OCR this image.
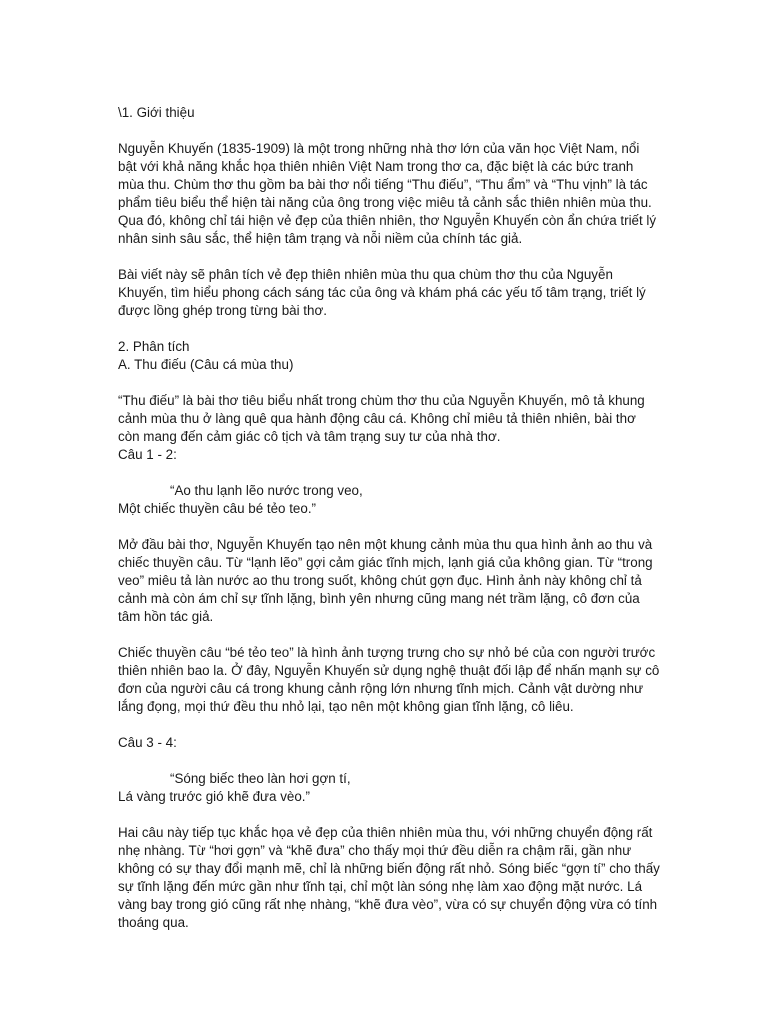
\1. Giới thiệu

Nguyễn Khuyến (1835-1909) là một trong những nhà thơ lớn của văn học Việt Nam, nổi bật với khả năng khắc họa thiên nhiên Việt Nam trong thơ ca, đặc biệt là các bức tranh mùa thu. Chùm thơ thu gồm ba bài thơ nổi tiếng “Thu điếu”, “Thu ẩm” và “Thu vịnh” là tác phẩm tiêu biểu thể hiện tài năng của ông trong việc miêu tả cảnh sắc thiên nhiên mùa thu. Qua đó, không chỉ tái hiện vẻ đẹp của thiên nhiên, thơ Nguyễn Khuyến còn ẩn chứa triết lý nhân sinh sâu sắc, thể hiện tâm trạng và nỗi niềm của chính tác giả.

Bài viết này sẽ phân tích vẻ đẹp thiên nhiên mùa thu qua chùm thơ thu của Nguyễn Khuyến, tìm hiểu phong cách sáng tác của ông và khám phá các yếu tố tâm trạng, triết lý được lồng ghép trong từng bài thơ.

2. Phân tích

A. Thu điếu (Câu cá mùa thu)

“Thu điếu” là bài thơ tiêu biểu nhất trong chùm thơ thu của Nguyễn Khuyến, mô tả khung cảnh mùa thu ở làng quê qua hành động câu cá. Không chỉ miêu tả thiên nhiên, bài thơ còn mang đến cảm giác cô tịch và tâm trạng suy tư của nhà thơ.

Câu 1 - 2:

“Ao thu lạnh lẽo nước trong veo,

Một chiếc thuyền câu bé tẻo teo.”

Mở đầu bài thơ, Nguyễn Khuyến tạo nên một khung cảnh mùa thu qua hình ảnh ao thu và chiếc thuyền câu. Từ “lạnh lẽo” gợi cảm giác tĩnh mịch, lạnh giá của không gian. Từ “trong veo” miêu tả làn nước ao thu trong suốt, không chút gợn đục. Hình ảnh này không chỉ tả cảnh mà còn ám chỉ sự tĩnh lặng, bình yên nhưng cũng mang nét trầm lặng, cô đơn của tâm hồn tác giả.

Chiếc thuyền câu “bé tẻo teo” là hình ảnh tượng trưng cho sự nhỏ bé của con người trước thiên nhiên bao la. Ở đây, Nguyễn Khuyến sử dụng nghệ thuật đối lập để nhấn mạnh sự cô đơn của người câu cá trong khung cảnh rộng lớn nhưng tĩnh mịch. Cảnh vật dường như lắng đọng, mọi thứ đều thu nhỏ lại, tạo nên một không gian tĩnh lặng, cô liêu.

Câu 3 - 4:

“Sóng biếc theo làn hơi gợn tí,

Lá vàng trước gió khẽ đưa vèo.”

Hai câu này tiếp tục khắc họa vẻ đẹp của thiên nhiên mùa thu, với những chuyển động rất nhẹ nhàng. Từ “hơi gợn” và “khẽ đưa” cho thấy mọi thứ đều diễn ra chậm rãi, gần như không có sự thay đổi mạnh mẽ, chỉ là những biến động rất nhỏ. Sóng biếc “gợn tí” cho thấy sự tĩnh lặng đến mức gần như tĩnh tại, chỉ một làn sóng nhẹ làm xao động mặt nước. Lá vàng bay trong gió cũng rất nhẹ nhàng, “khẽ đưa vèo”, vừa có sự chuyển động vừa có tính thoáng qua.
